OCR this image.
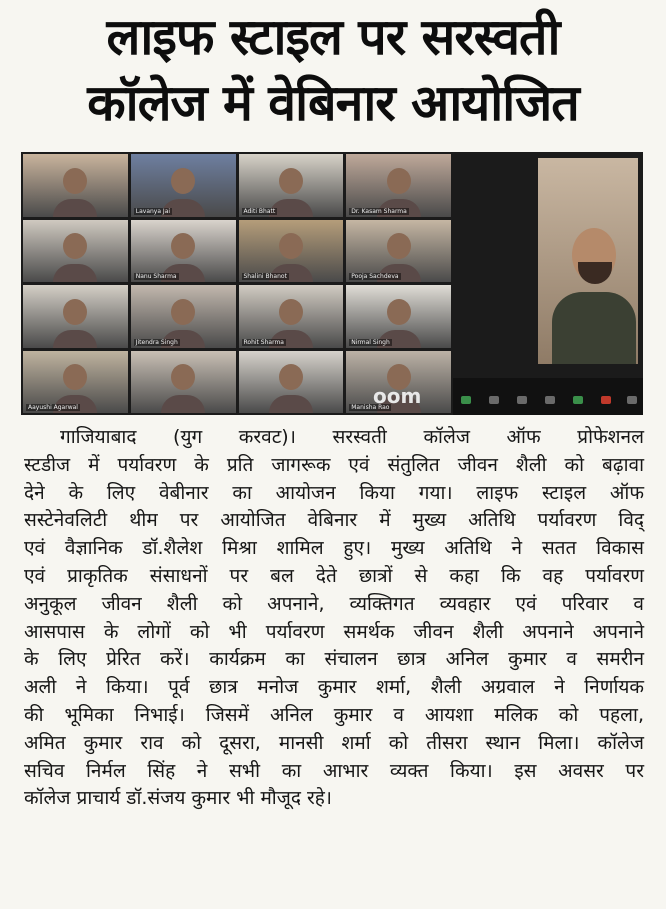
लाइफ स्टाइल पर सरस्वती
कॉलेज में वेबिनार आयोजित
Lavanya Jai	Aditi Bhatt	Dr. Kasam Sharma
Nanu Sharma	Shalini Bhanot	Pooja Sachdeva
Jitendra Singh	Rohit Sharma	Nirmal Singh
Aayushi Agarwal	Manisha Rao
oom
गाजियाबाद (युग करवट)। सरस्वती कॉलेज ऑफ प्रोफेशनल
स्टडीज में पर्यावरण के प्रति जागरूक एवं संतुलित जीवन शैली को बढ़ावा
देने के लिए वेबीनार का आयोजन किया गया। लाइफ स्टाइल ऑफ
सस्टेनेवलिटी थीम पर आयोजित वेबिनार में मुख्य अतिथि पर्यावरण विद्
एवं वैज्ञानिक डॉ.शैलेश मिश्रा शामिल हुए। मुख्य अतिथि ने सतत विकास
एवं प्राकृतिक संसाधनों पर बल देते छात्रों से कहा कि वह पर्यावरण
अनुकूल जीवन शैली को अपनाने, व्यक्तिगत व्यवहार एवं परिवार व
आसपास के लोगों को भी पर्यावरण समर्थक जीवन शैली अपनाने अपनाने
के लिए प्रेरित करें। कार्यक्रम का संचालन छात्र अनिल कुमार व समरीन
अली ने किया। पूर्व छात्र मनोज कुमार शर्मा, शैली अग्रवाल ने निर्णायक
की भूमिका निभाई। जिसमें अनिल कुमार व आयशा मलिक को पहला,
अमित कुमार राव को दूसरा, मानसी शर्मा को तीसरा स्थान मिला। कॉलेज
सचिव निर्मल सिंह ने सभी का आभार व्यक्त किया। इस अवसर पर
कॉलेज प्राचार्य डॉ.संजय कुमार भी मौजूद रहे।
